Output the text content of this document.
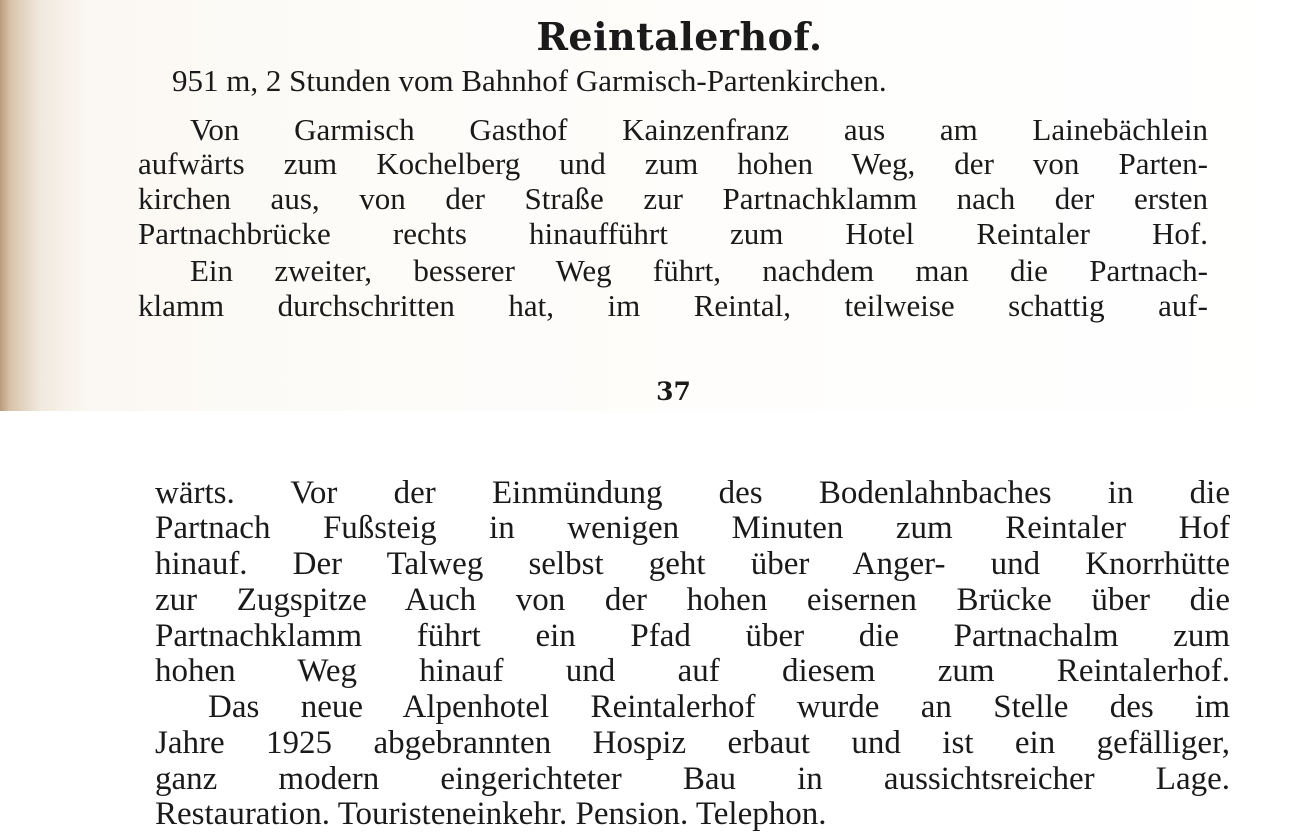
Reintalerhof.
951 m, 2 Stunden vom Bahnhof Garmisch-Partenkirchen.
Von Garmisch Gasthof Kainzenfranz aus am Lainebächlein
aufwärts zum Kochelberg und zum hohen Weg, der von Parten-
kirchen aus, von der Straße zur Partnachklamm nach der ersten
Partnachbrücke rechts hinaufführt zum Hotel Reintaler Hof.
Ein zweiter, besserer Weg führt, nachdem man die Partnach-
klamm durchschritten hat, im Reintal, teilweise schattig auf-
37
wärts. Vor der Einmündung des Bodenlahnbaches in die
Partnach Fußsteig in wenigen Minuten zum Reintaler Hof
hinauf. Der Talweg selbst geht über Anger- und Knorrhütte
zur Zugspitze Auch von der hohen eisernen Brücke über die
Partnachklamm führt ein Pfad über die Partnachalm zum
hohen Weg hinauf und auf diesem zum Reintalerhof.
Das neue Alpenhotel Reintalerhof wurde an Stelle des im
Jahre 1925 abgebrannten Hospiz erbaut und ist ein gefälliger,
ganz modern eingerichteter Bau in aussichtsreicher Lage.
Restauration. Touristeneinkehr. Pension. Telephon.
